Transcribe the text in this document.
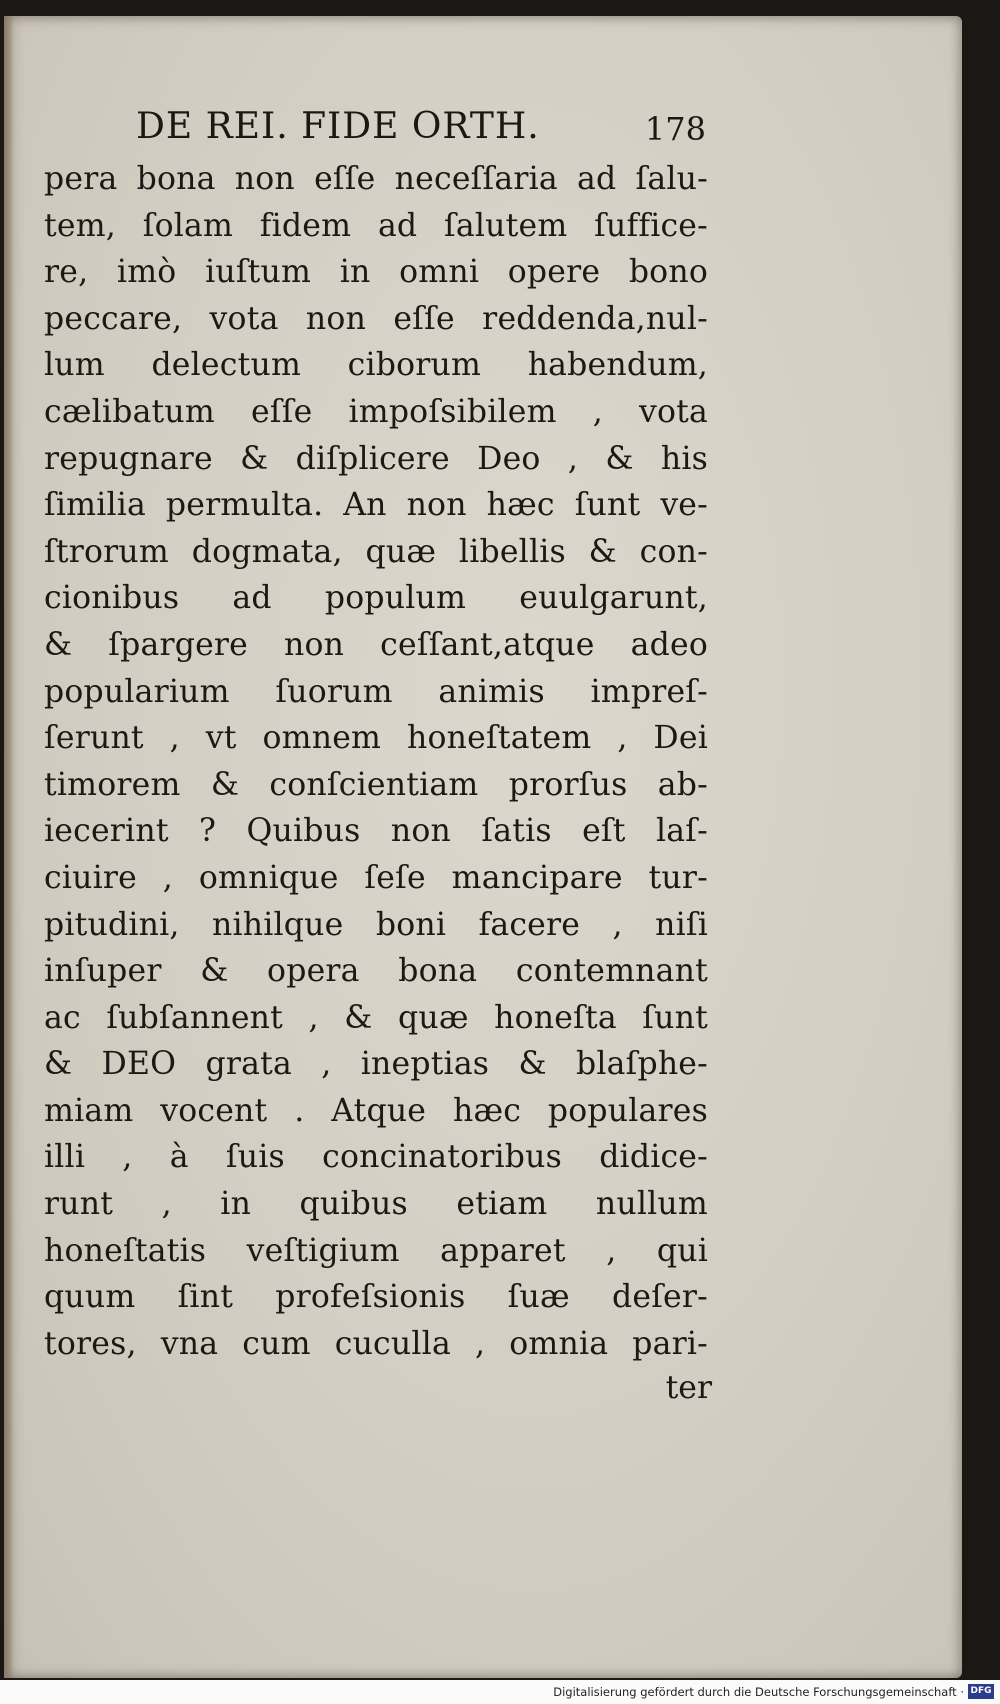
DE REI. FIDE ORTH.	178
pera bona non eſſe neceſſaria ad ſalu-
tem, ſolam fidem ad ſalutem ſuffice-
re, imò iuſtum in omni opere bono
peccare, vota non eſſe reddenda,nul-
lum delectum ciborum habendum,
cælibatum eſſe impoſsibilem , vota
repugnare & diſplicere Deo , & his
ſimilia permulta. An non hæc ſunt ve-
ſtrorum dogmata, quæ libellis & con-
cionibus ad populum euulgarunt,
& ſpargere non ceſſant,atque adeo
popularium ſuorum animis impreſ-
ſerunt , vt omnem honeſtatem , Dei
timorem & conſcientiam prorſus ab-
iecerint ? Quibus non ſatis eſt laſ-
ciuire , omnique ſeſe mancipare tur-
pitudini, nihilque boni facere , niſi
inſuper & opera bona contemnant
ac ſubſannent , & quæ honeſta ſunt
& DEO grata , ineptias & blaſphe-
miam vocent . Atque hæc populares
illi , à ſuis concinatoribus didice-
runt , in quibus etiam nullum
honeſtatis veſtigium apparet , qui
quum ſint profeſsionis ſuæ deſer-
tores, vna cum cuculla , omnia pari-
ter
Digitalisierung gefördert durch die Deutsche Forschungsgemeinschaft · DFG
